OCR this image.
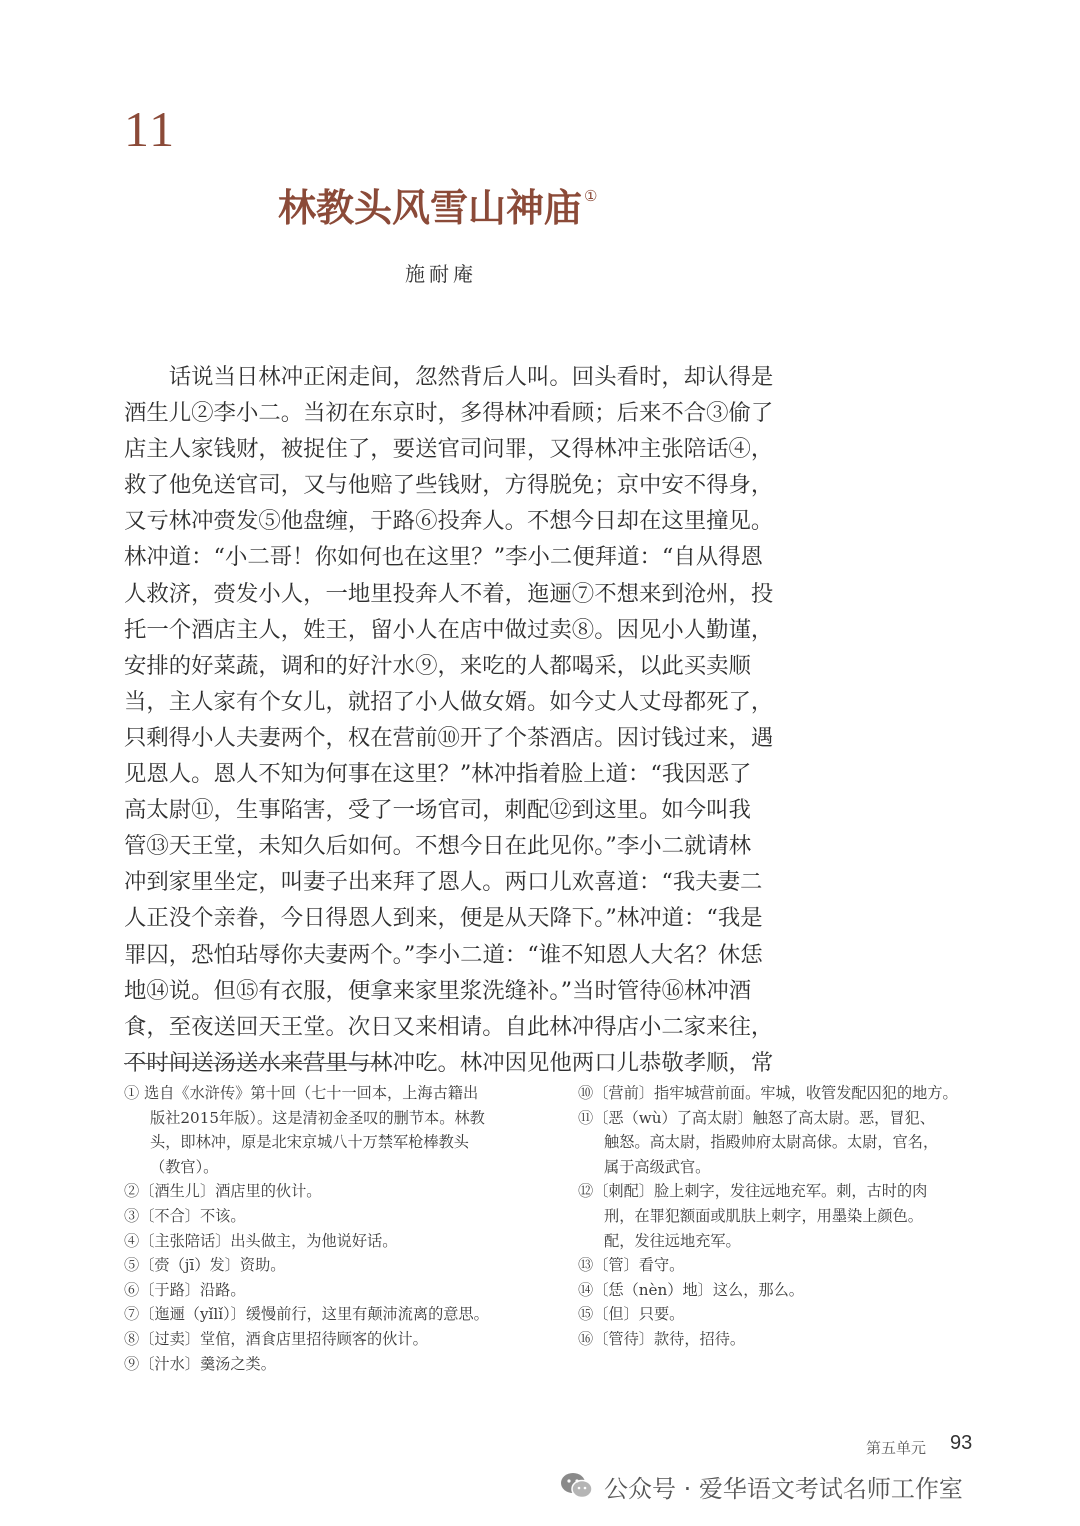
11
林教头风雪山神庙 ①
施耐庵
　　话说当日林冲正闲走间，忽然背后人叫。回头看时，却认得是
酒生儿②李小二。当初在东京时，多得林冲看顾；后来不合③偷了
店主人家钱财，被捉住了，要送官司问罪，又得林冲主张陪话④，
救了他免送官司，又与他赔了些钱财，方得脱免；京中安不得身，
又亏林冲赍发⑤他盘缠，于路⑥投奔人。不想今日却在这里撞见。
林冲道：“小二哥！你如何也在这里？”李小二便拜道：“自从得恩
人救济，赍发小人，一地里投奔人不着，迤逦⑦不想来到沧州，投
托一个酒店主人，姓王，留小人在店中做过卖⑧。因见小人勤谨，
安排的好菜蔬，调和的好汁水⑨，来吃的人都喝采，以此买卖顺
当，主人家有个女儿，就招了小人做女婿。如今丈人丈母都死了，
只剩得小人夫妻两个，权在营前⑩开了个茶酒店。因讨钱过来，遇
见恩人。恩人不知为何事在这里？”林冲指着脸上道：“我因恶了
高太尉⑪，生事陷害，受了一场官司，刺配⑫到这里。如今叫我
管⑬天王堂，未知久后如何。不想今日在此见你。”李小二就请林
冲到家里坐定，叫妻子出来拜了恩人。两口儿欢喜道：“我夫妻二
人正没个亲眷，今日得恩人到来，便是从天降下。”林冲道：“我是
罪囚，恐怕玷辱你夫妻两个。”李小二道：“谁不知恩人大名？休恁
地⑭说。但⑮有衣服，便拿来家里浆洗缝补。”当时管待⑯林冲酒
食，至夜送回天王堂。次日又来相请。自此林冲得店小二家来往，
不时间送汤送水来营里与林冲吃。林冲因见他两口儿恭敬孝顺，常
① 选自《水浒传》第十回（七十一回本，上海古籍出
版社2015年版）。这是清初金圣叹的删节本。林教
头，即林冲，原是北宋京城八十万禁军枪棒教头
（教官）。
②〔酒生儿〕酒店里的伙计。
③〔不合〕不该。
④〔主张陪话〕出头做主，为他说好话。
⑤〔赍（jī）发〕资助。
⑥〔于路〕沿路。
⑦〔迤逦（yǐlǐ）〕缓慢前行，这里有颠沛流离的意思。
⑧〔过卖〕堂倌，酒食店里招待顾客的伙计。
⑨〔汁水〕羹汤之类。
⑩〔营前〕指牢城营前面。牢城，收管发配囚犯的地方。
⑪〔恶（wù）了高太尉〕触怒了高太尉。恶，冒犯、
触怒。高太尉，指殿帅府太尉高俅。太尉，官名，
属于高级武官。
⑫〔刺配〕脸上刺字，发往远地充军。刺，古时的肉
刑，在罪犯额面或肌肤上刺字，用墨染上颜色。
配，发往远地充军。
⑬〔管〕看守。
⑭〔恁（nèn）地〕这么，那么。
⑮〔但〕只要。
⑯〔管待〕款待，招待。
第五单元 93
公众号 · 爱华语文考试名师工作室
